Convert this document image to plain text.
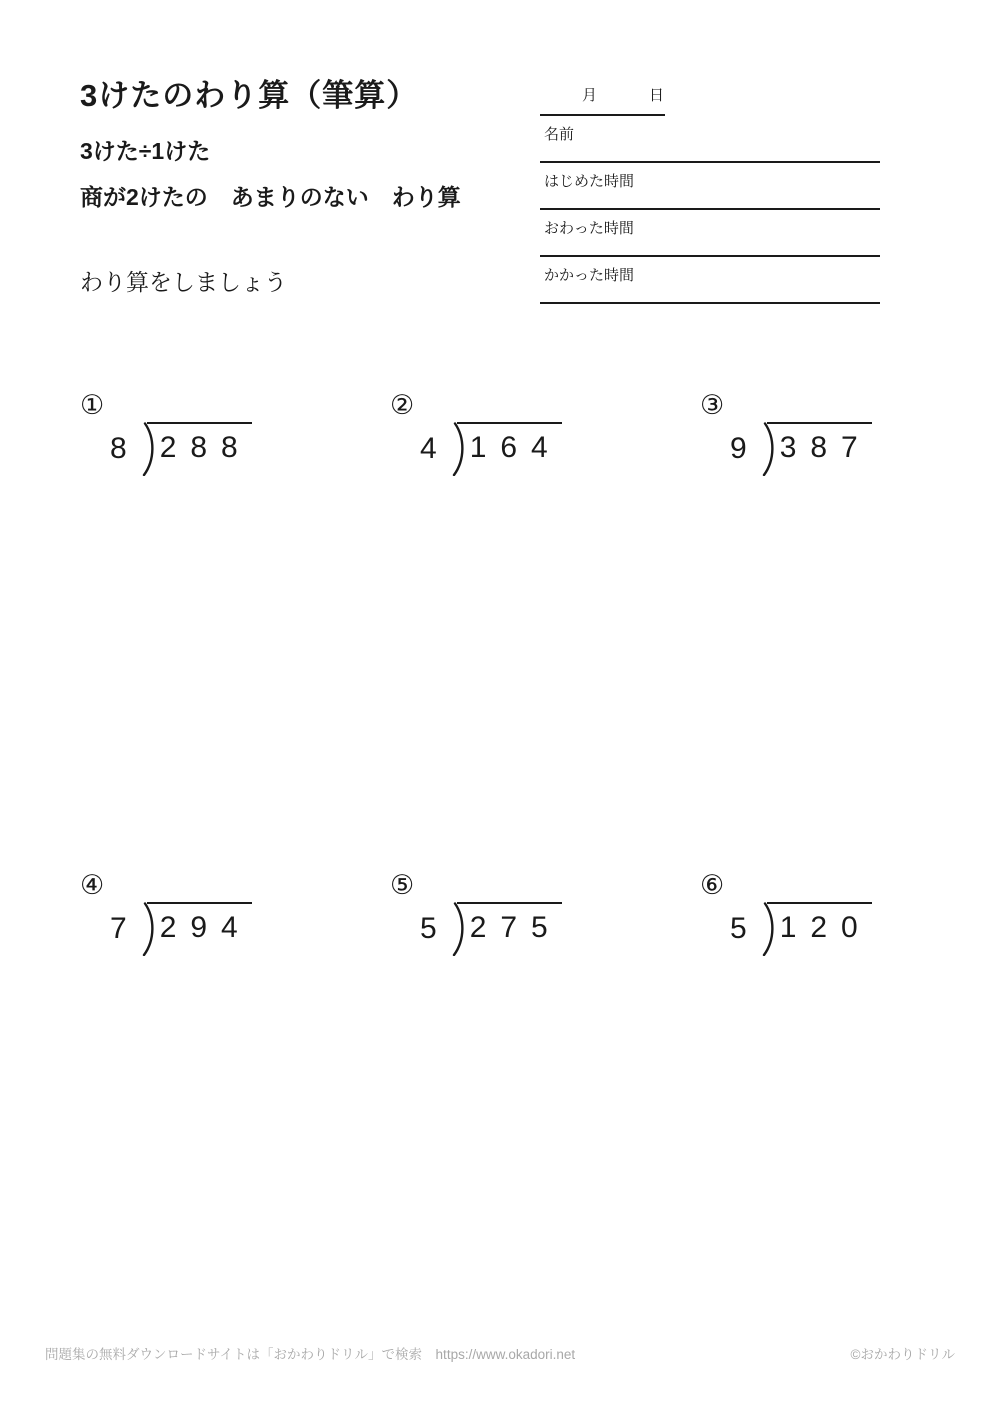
3けたのわり算（筆算）
3けた÷1けた
商が2けたの　あまりのない　わり算
わり算をしましょう
月	日
名前
はじめた時間
おわった時間
かかった時間
①
8	288
②
4	164
③
9	387
④
7	294
⑤
5	275
⑥
5	120
問題集の無料ダウンロードサイトは「おかわりドリル」で検索　https://www.okadori.net	©おかわりドリル
